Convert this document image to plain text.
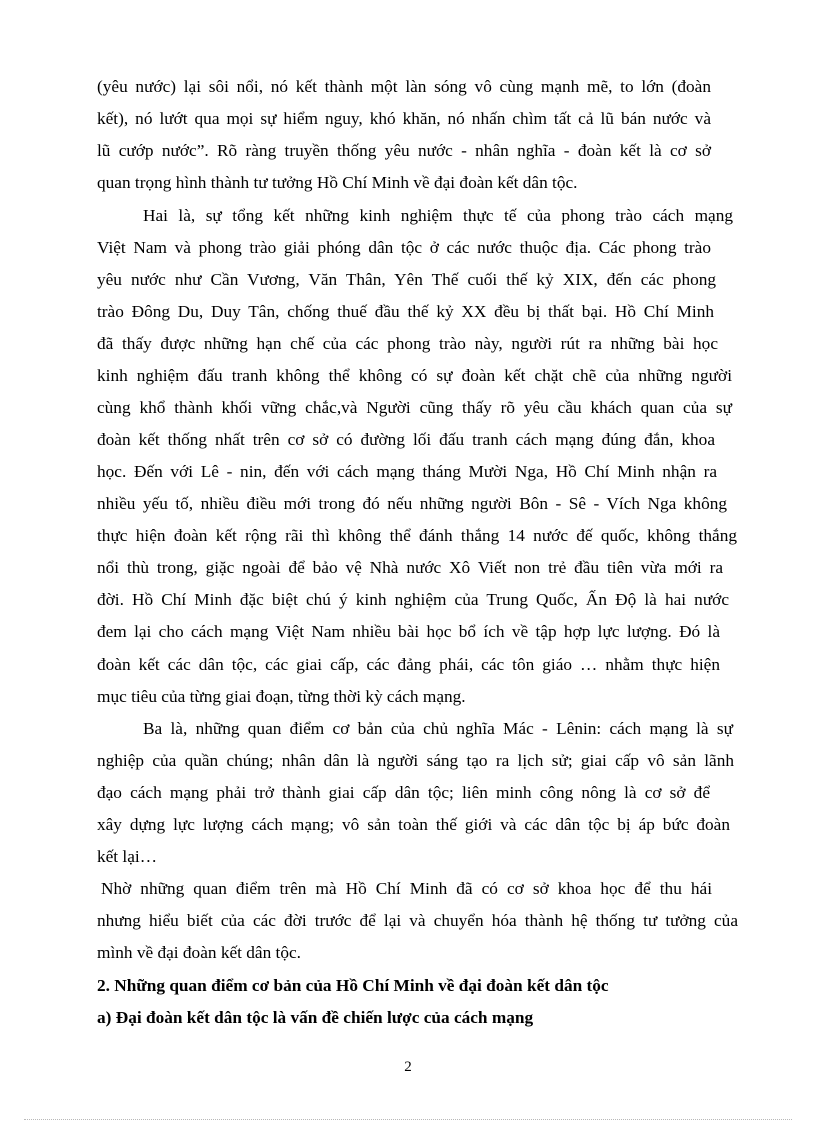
(yêu nước) lại sôi nổi, nó kết thành một làn sóng vô cùng mạnh mẽ, to lớn (đoàn
kết), nó lướt qua mọi sự hiểm nguy, khó khăn, nó nhấn chìm tất cả lũ bán nước và
lũ cướp nước”. Rõ ràng truyền thống yêu nước - nhân nghĩa - đoàn kết là cơ sở
quan trọng hình thành tư tưởng Hồ Chí Minh về đại đoàn kết dân tộc.
Hai là, sự tổng kết những kinh nghiệm thực tế của phong trào cách mạng
Việt Nam và phong trào giải phóng dân tộc ở các nước thuộc địa. Các phong trào
yêu nước như Cần Vương, Văn Thân, Yên Thế cuối thế kỷ XIX, đến các phong
trào Đông Du, Duy Tân, chống thuế đầu thế kỷ XX đều bị thất bại. Hồ Chí Minh
đã thấy được những hạn chế của các phong trào này, người rút ra những bài học
kinh nghiệm đấu tranh không thể không có sự đoàn kết chặt chẽ của những người
cùng khổ thành khối vững chắc,và Người cũng thấy rõ yêu cầu khách quan của sự
đoàn kết thống nhất trên cơ sở có đường lối đấu tranh cách mạng đúng đắn, khoa
học. Đến với Lê - nin, đến với cách mạng tháng Mười Nga, Hồ Chí Minh nhận ra
nhiều yếu tố, nhiều điều mới trong đó nếu những người Bôn - Sê - Vích Nga không
thực hiện đoàn kết rộng rãi thì không thể đánh thắng 14 nước đế quốc, không thắng
nổi thù trong, giặc ngoài để bảo vệ Nhà nước Xô Viết non trẻ đầu tiên vừa mới ra
đời. Hồ Chí Minh đặc biệt chú ý kinh nghiệm của Trung Quốc, Ấn Độ là hai nước
đem lại cho cách mạng Việt Nam nhiều bài học bổ ích về tập hợp lực lượng. Đó là
đoàn kết các dân tộc, các giai cấp, các đảng phái, các tôn giáo … nhằm thực hiện
mục tiêu của từng giai đoạn, từng thời kỳ cách mạng.
Ba là, những quan điểm cơ bản của chủ nghĩa Mác - Lênin: cách mạng là sự
nghiệp của quần chúng; nhân dân là người sáng tạo ra lịch sử; giai cấp vô sản lãnh
đạo cách mạng phải trở thành giai cấp dân tộc; liên minh công nông là cơ sở để
xây dựng lực lượng cách mạng; vô sản toàn thế giới và các dân tộc bị áp bức đoàn
kết lại…
Nhờ những quan điểm trên mà Hồ Chí Minh đã có cơ sở khoa học để thu hái
nhưng hiểu biết của các đời trước để lại và chuyển hóa thành hệ thống tư tưởng của
mình về đại đoàn kết dân tộc.
2. Những quan điểm cơ bản của Hồ Chí Minh về đại đoàn kết dân tộc
a) Đại đoàn kết dân tộc là vấn đề chiến lược của cách mạng
2
